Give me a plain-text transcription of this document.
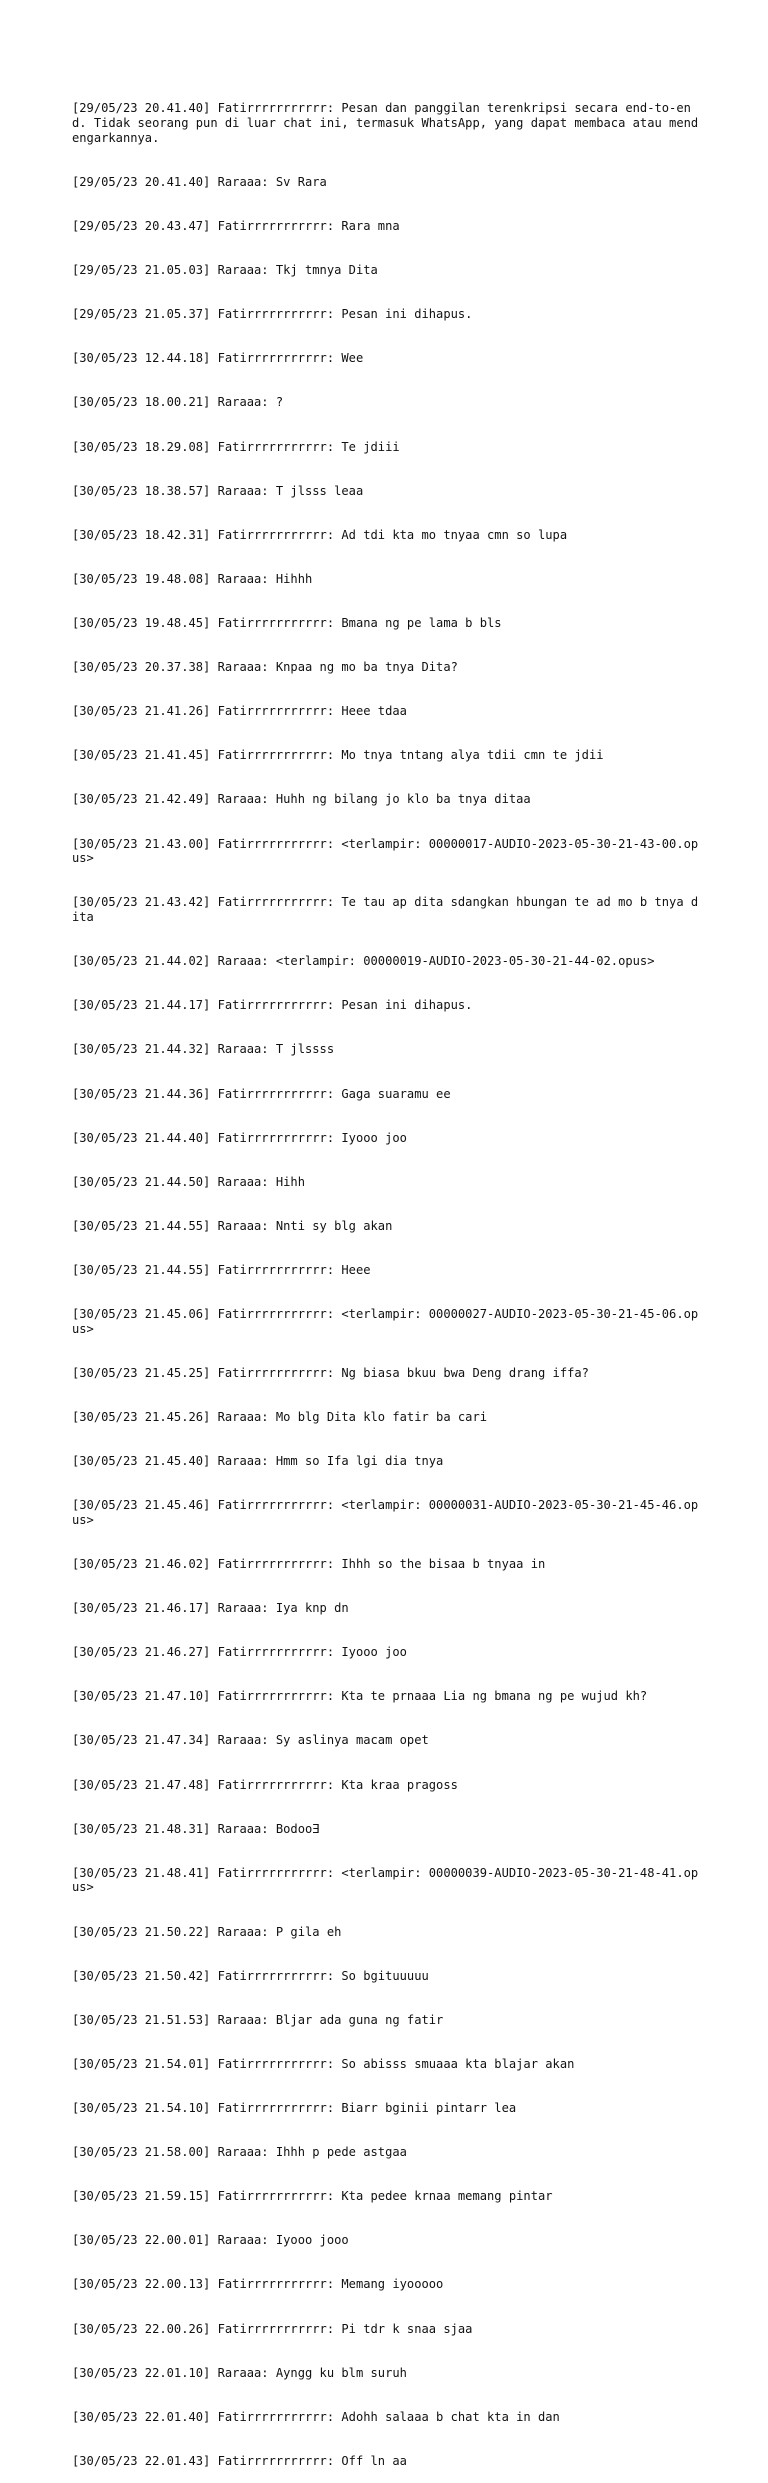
[29/05/23 20.41.40] Fatirrrrrrrrrrr: Pesan dan panggilan terenkripsi secara end-to-end. Tidak seorang pun di luar chat ini, termasuk WhatsApp, yang dapat membaca atau mendengarkannya.

[29/05/23 20.41.40] Raraaa: Sv Rara

[29/05/23 20.43.47] Fatirrrrrrrrrrr: Rara mna

[29/05/23 21.05.03] Raraaa: Tkj tmnya Dita

[29/05/23 21.05.37] Fatirrrrrrrrrrr: Pesan ini dihapus.

[30/05/23 12.44.18] Fatirrrrrrrrrrr: Wee

[30/05/23 18.00.21] Raraaa: ?

[30/05/23 18.29.08] Fatirrrrrrrrrrr: Te jdiii

[30/05/23 18.38.57] Raraaa: T jlsss leaa

[30/05/23 18.42.31] Fatirrrrrrrrrrr: Ad tdi kta mo tnyaa cmn so lupa

[30/05/23 19.48.08] Raraaa: Hihhh

[30/05/23 19.48.45] Fatirrrrrrrrrrr: Bmana ng pe lama b bls

[30/05/23 20.37.38] Raraaa: Knpaa ng mo ba tnya Dita?

[30/05/23 21.41.26] Fatirrrrrrrrrrr: Heee tdaa

[30/05/23 21.41.45] Fatirrrrrrrrrrr: Mo tnya tntang alya tdii cmn te jdii

[30/05/23 21.42.49] Raraaa: Huhh ng bilang jo klo ba tnya ditaa

[30/05/23 21.43.00] Fatirrrrrrrrrrr: <terlampir: 00000017-AUDIO-2023-05-30-21-43-00.opus>

[30/05/23 21.43.42] Fatirrrrrrrrrrr: Te tau ap dita sdangkan hbungan te ad mo b tnya dita

[30/05/23 21.44.02] Raraaa: <terlampir: 00000019-AUDIO-2023-05-30-21-44-02.opus>

[30/05/23 21.44.17] Fatirrrrrrrrrrr: Pesan ini dihapus.

[30/05/23 21.44.32] Raraaa: T jlssss

[30/05/23 21.44.36] Fatirrrrrrrrrrr: Gaga suaramu ee

[30/05/23 21.44.40] Fatirrrrrrrrrrr: Iyooo joo

[30/05/23 21.44.50] Raraaa: Hihh

[30/05/23 21.44.55] Raraaa: Nnti sy blg akan

[30/05/23 21.44.55] Fatirrrrrrrrrrr: Heee

[30/05/23 21.45.06] Fatirrrrrrrrrrr: <terlampir: 00000027-AUDIO-2023-05-30-21-45-06.opus>

[30/05/23 21.45.25] Fatirrrrrrrrrrr: Ng biasa bkuu bwa Deng drang iffa?

[30/05/23 21.45.26] Raraaa: Mo blg Dita klo fatir ba cari

[30/05/23 21.45.40] Raraaa: Hmm so Ifa lgi dia tnya

[30/05/23 21.45.46] Fatirrrrrrrrrrr: <terlampir: 00000031-AUDIO-2023-05-30-21-45-46.opus>

[30/05/23 21.46.02] Fatirrrrrrrrrrr: Ihhh so the bisaa b tnyaa in

[30/05/23 21.46.17] Raraaa: Iya knp dn

[30/05/23 21.46.27] Fatirrrrrrrrrrr: Iyooo joo

[30/05/23 21.47.10] Fatirrrrrrrrrrr: Kta te prnaaa Lia ng bmana ng pe wujud kh?

[30/05/23 21.47.34] Raraaa: Sy aslinya macam opet

[30/05/23 21.47.48] Fatirrrrrrrrrrr: Kta kraa pragoss

[30/05/23 21.48.31] Raraaa: Bodooⴺ

[30/05/23 21.48.41] Fatirrrrrrrrrrr: <terlampir: 00000039-AUDIO-2023-05-30-21-48-41.opus>

[30/05/23 21.50.22] Raraaa: P gila eh

[30/05/23 21.50.42] Fatirrrrrrrrrrr: So bgituuuuu

[30/05/23 21.51.53] Raraaa: Bljar ada guna ng fatir

[30/05/23 21.54.01] Fatirrrrrrrrrrr: So abisss smuaaa kta blajar akan

[30/05/23 21.54.10] Fatirrrrrrrrrrr: Biarr bginii pintarr lea

[30/05/23 21.58.00] Raraaa: Ihhh p pede astgaa

[30/05/23 21.59.15] Fatirrrrrrrrrrr: Kta pedee krnaa memang pintar

[30/05/23 22.00.01] Raraaa: Iyooo jooo

[30/05/23 22.00.13] Fatirrrrrrrrrrr: Memang iyooooo

[30/05/23 22.00.26] Fatirrrrrrrrrrr: Pi tdr k snaa sjaa

[30/05/23 22.01.10] Raraaa: Ayngg ku blm suruh

[30/05/23 22.01.40] Fatirrrrrrrrrrr: Adohh salaaa b chat kta in dan

[30/05/23 22.01.43] Fatirrrrrrrrrrr: Off ln aa
